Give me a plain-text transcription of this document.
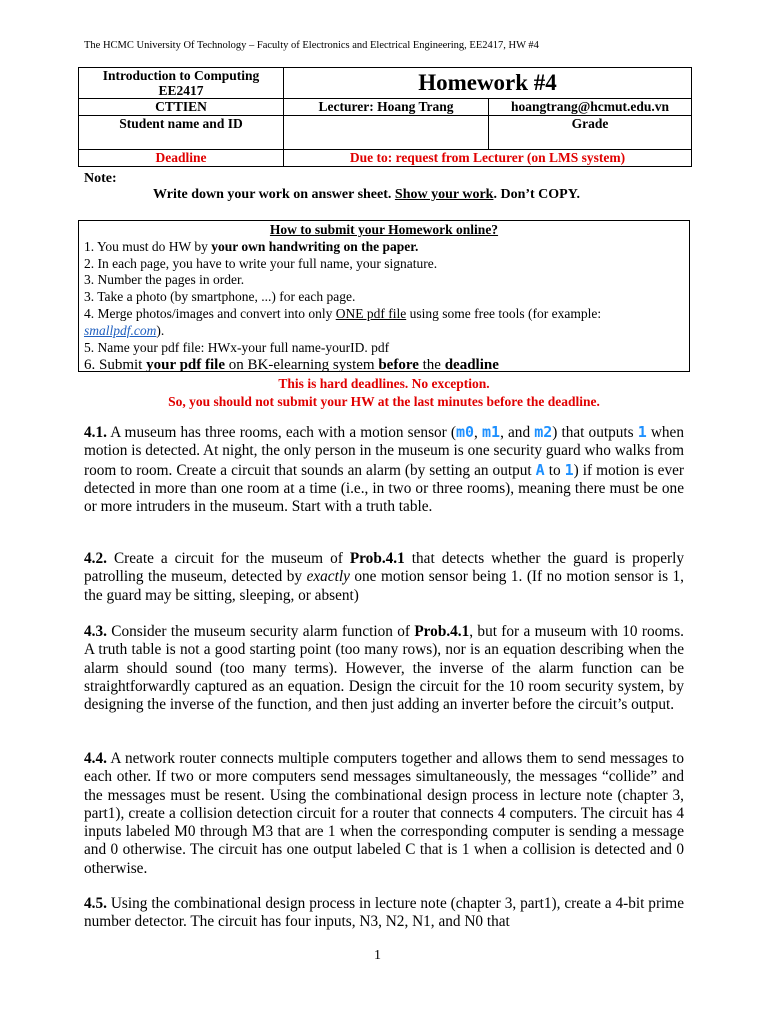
The HCMC University Of Technology – Faculty of Electronics and Electrical Engineering, EE2417, HW #4
Introduction to Computing
EE2417	Homework #4	
CTTIEN	Lecturer: Hoang Trang	hoangtrang@hcmut.edu.vn
Student name and ID		Grade
Deadline	Due to: request from Lecturer (on LMS system)	
Note:
Write down your work on answer sheet. Show your work. Don’t COPY.
How to submit your Homework online?
1. You must do HW by your own handwriting on the paper.
2. In each page, you have to write your full name, your signature.
3. Number the pages in order.
3. Take a photo (by smartphone, ...) for each page.
4. Merge photos/images and convert into only ONE pdf file using some free tools (for example:
smallpdf.com).
5. Name your pdf file: HWx-your full name-yourID. pdf
6. Submit your pdf file on BK-elearning system before the deadline
This is hard deadlines. No exception.
So, you should not submit your HW at the last minutes before the deadline.

4.1. A museum has three rooms, each with a motion sensor (m0, m1, and m2) that outputs 1 when motion is detected. At night, the only person in the museum is one security guard who walks from room to room. Create a circuit that sounds an alarm (by setting an output A to 1) if motion is ever detected in more than one room at a time (i.e., in two or three rooms), meaning there must be one or more intruders in the museum. Start with a truth table.

4.2. Create a circuit for the museum of Prob.4.1 that detects whether the guard is properly patrolling the museum, detected by exactly one motion sensor being 1. (If no motion sensor is 1, the guard may be sitting, sleeping, or absent)

4.3. Consider the museum security alarm function of Prob.4.1, but for a museum with 10 rooms. A truth table is not a good starting point (too many rows), nor is an equation describing when the alarm should sound (too many terms). However, the inverse of the alarm function can be straightforwardly captured as an equation. Design the circuit for the 10 room security system, by designing the inverse of the function, and then just adding an inverter before the circuit’s output.

4.4. A network router connects multiple computers together and allows them to send messages to each other. If two or more computers send messages simultaneously, the messages “collide” and the messages must be resent. Using the combinational design process in lecture note (chapter 3, part1), create a collision detection circuit for a router that connects 4 computers. The circuit has 4 inputs labeled M0 through M3 that are 1 when the corresponding computer is sending a message and 0 otherwise. The circuit has one output labeled C that is 1 when a collision is detected and 0 otherwise.

4.5. Using the combinational design process in lecture note (chapter 3, part1), create a 4-bit prime number detector. The circuit has four inputs, N3, N2, N1, and N0 that

1
